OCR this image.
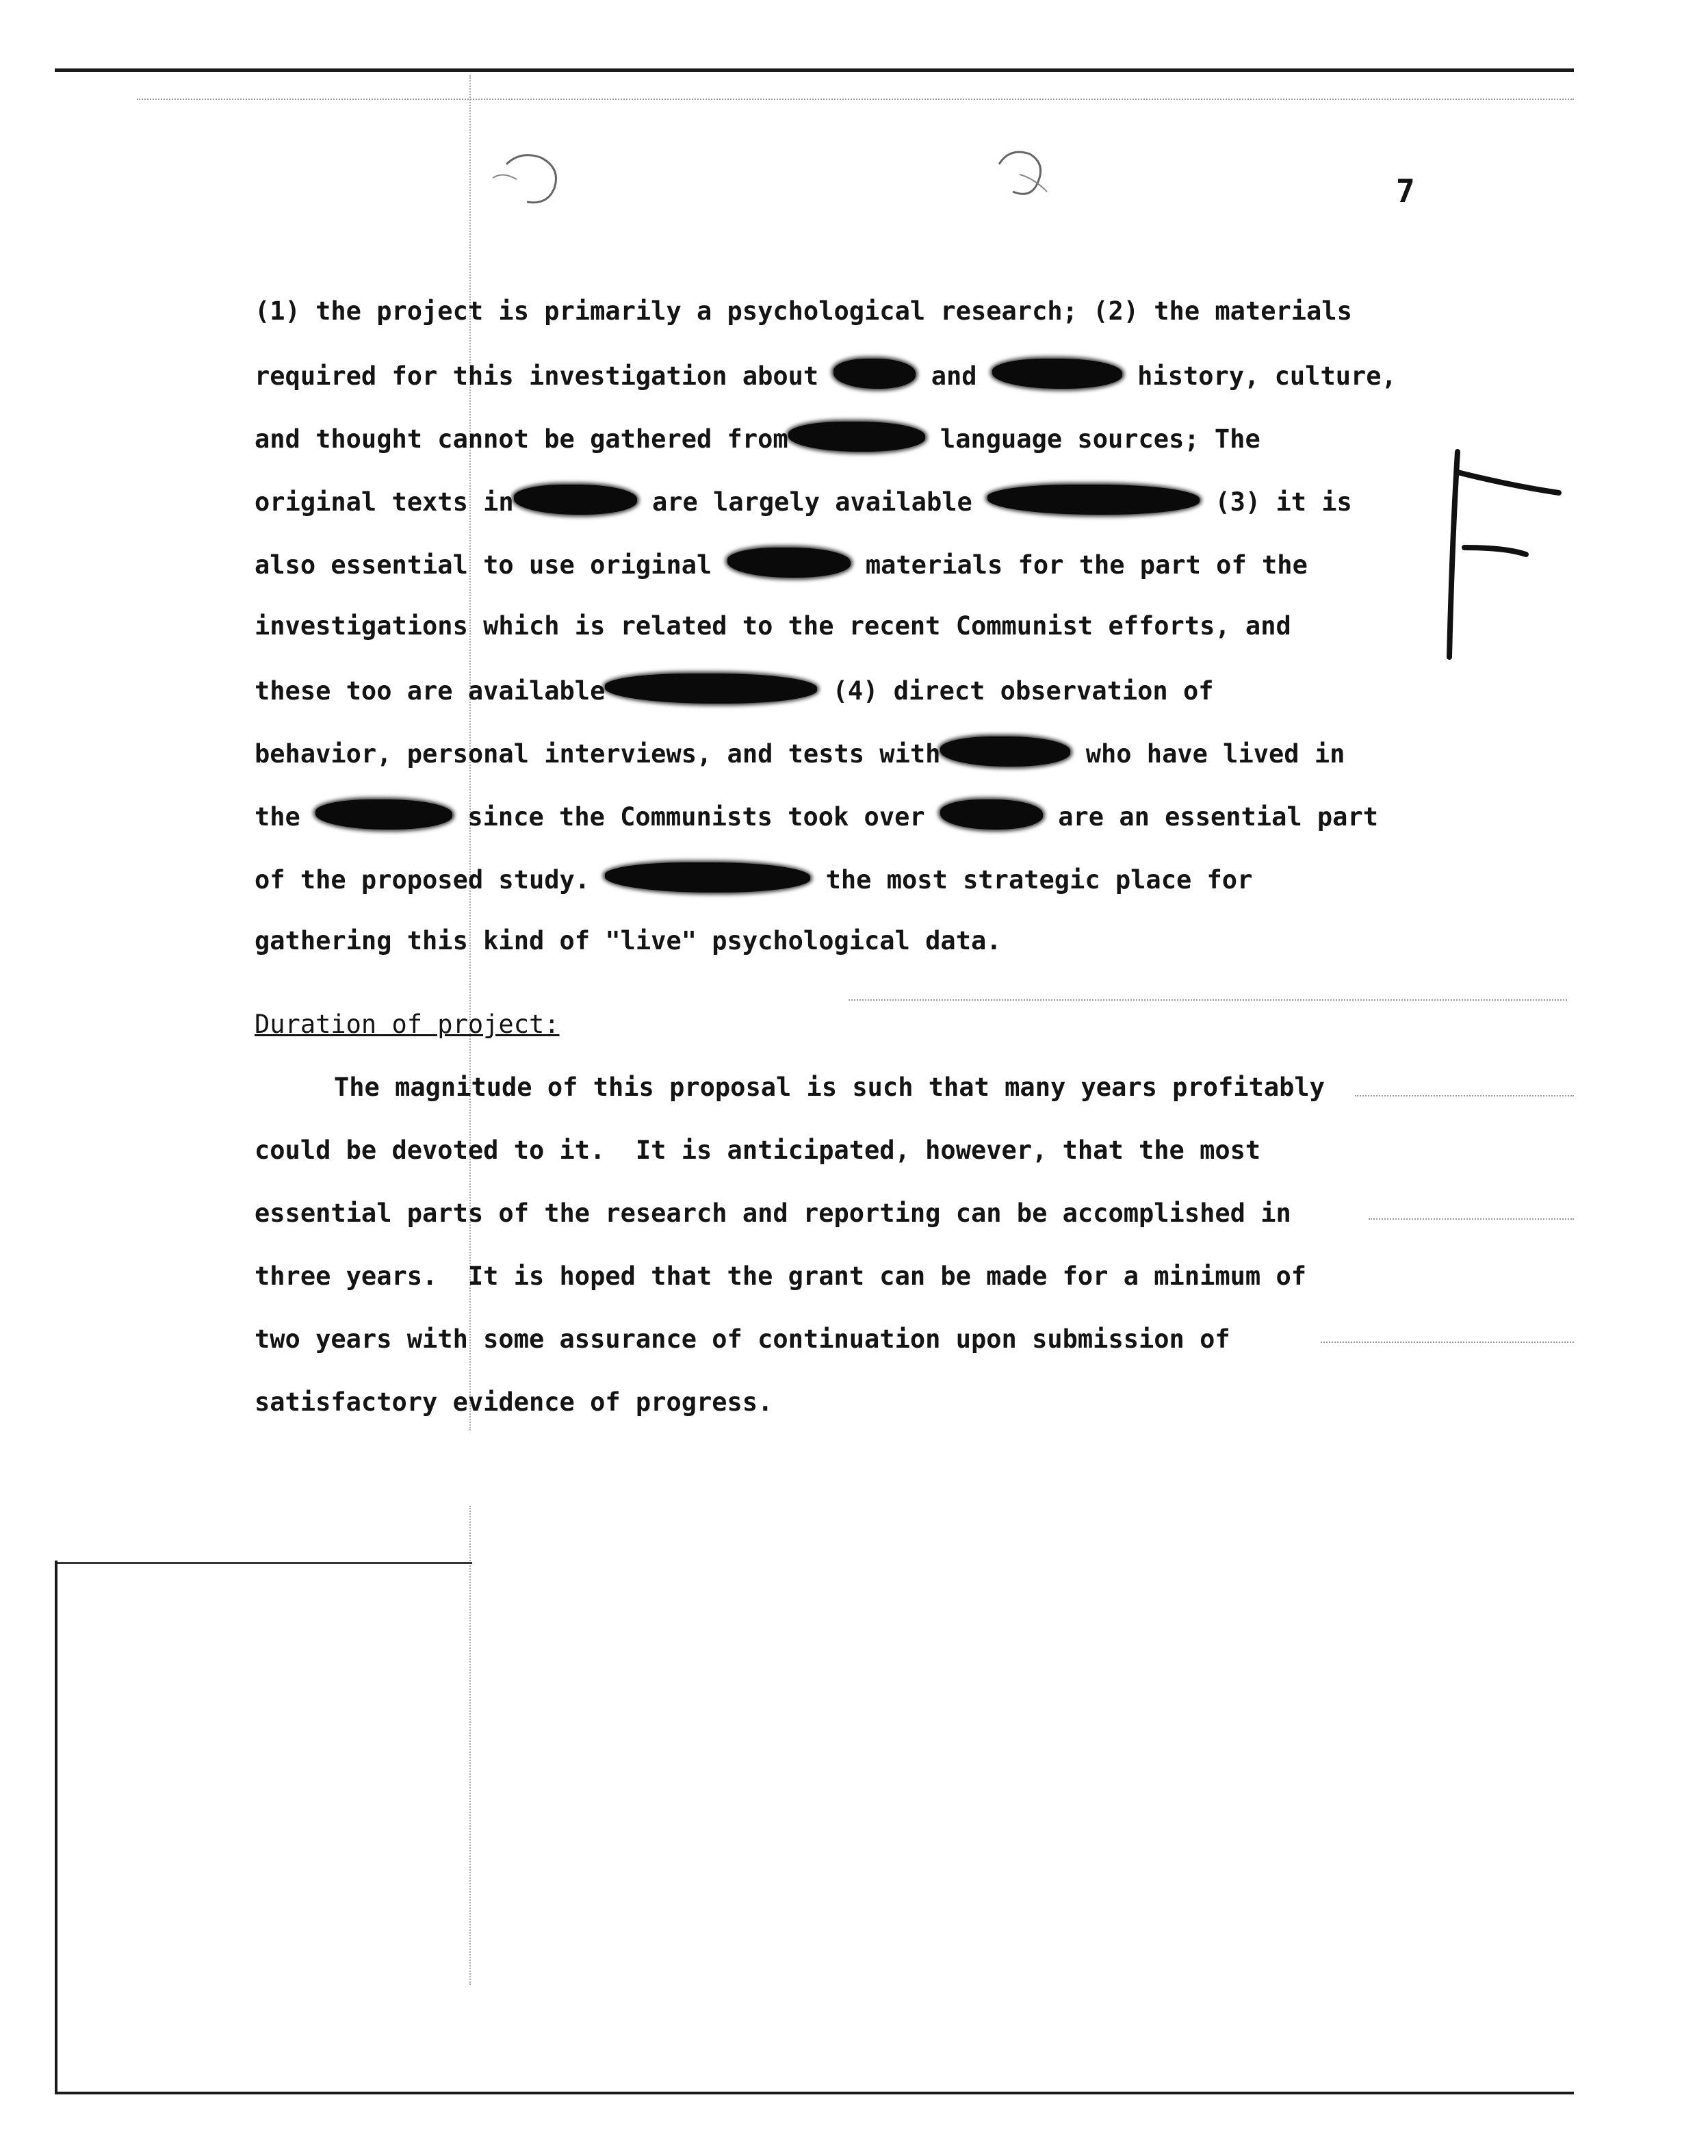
7
(1) the project is primarily a psychological research; (2) the materials
required for this investigation about	and	history, culture,
and thought cannot be gathered from	language sources; The
original texts in	are largely available	(3) it is
also essential to use original	materials for the part of the
investigations which is related to the recent Communist efforts, and
these too are available	(4) direct observation of
behavior, personal interviews, and tests with	who have lived in
the	since the Communists took over	are an essential part
of the proposed study.	the most strategic place for
gathering this kind of "live" psychological data.
Duration of project:
The magnitude of this proposal is such that many years profitably
could be devoted to it.  It is anticipated, however, that the most
essential parts of the research and reporting can be accomplished in
three years.  It is hoped that the grant can be made for a minimum of
two years with some assurance of continuation upon submission of
satisfactory evidence of progress.
